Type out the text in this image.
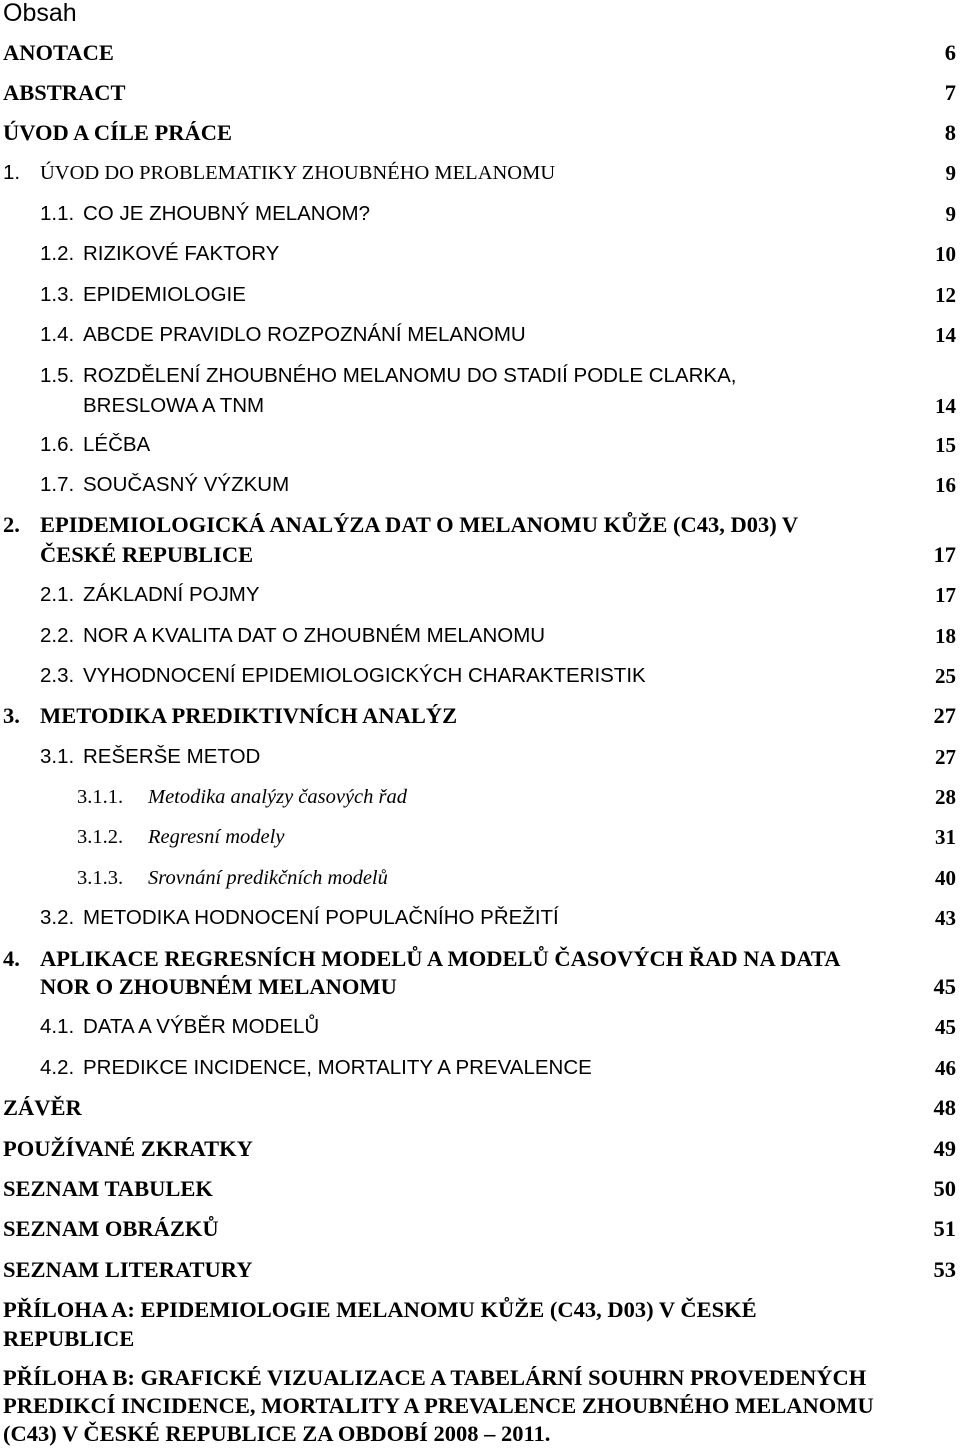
Obsah
ANOTACE	6
ABSTRACT	7
ÚVOD A CÍLE PRÁCE	8
1. ÚVOD DO PROBLEMATIKY ZHOUBNÉHO MELANOMU	9
1.1. CO JE ZHOUBNÝ MELANOM?	9
1.2. RIZIKOVÉ FAKTORY	10
1.3. EPIDEMIOLOGIE	12
1.4. ABCDE PRAVIDLO ROZPOZNÁNÍ MELANOMU	14
1.5. ROZDĚLENÍ ZHOUBNÉHO MELANOMU DO STADIÍ PODLE CLARKA,
BRESLOWA A TNM	14
1.6. LÉČBA	15
1.7. SOUČASNÝ VÝZKUM	16
2. EPIDEMIOLOGICKÁ ANALÝZA DAT O MELANOMU KŮŽE (C43, D03) V
ČESKÉ REPUBLICE	17
2.1. ZÁKLADNÍ POJMY	17
2.2. NOR A KVALITA DAT O ZHOUBNÉM MELANOMU	18
2.3. VYHODNOCENÍ EPIDEMIOLOGICKÝCH CHARAKTERISTIK	25
3. METODIKA PREDIKTIVNÍCH ANALÝZ	27
3.1. REŠERŠE METOD	27
3.1.1. Metodika analýzy časových řad	28
3.1.2. Regresní modely	31
3.1.3. Srovnání predikčních modelů	40
3.2. METODIKA HODNOCENÍ POPULAČNÍHO PŘEŽITÍ	43
4. APLIKACE REGRESNÍCH MODELŮ A MODELŮ ČASOVÝCH ŘAD NA DATA
NOR O ZHOUBNÉM MELANOMU	45
4.1. DATA A VÝBĚR MODELŮ	45
4.2. PREDIKCE INCIDENCE, MORTALITY A PREVALENCE	46
ZÁVĚR	48
POUŽÍVANÉ ZKRATKY	49
SEZNAM TABULEK	50
SEZNAM OBRÁZKŮ	51
SEZNAM LITERATURY	53
PŘÍLOHA A: EPIDEMIOLOGIE MELANOMU KŮŽE (C43, D03) V ČESKÉ
REPUBLICE
PŘÍLOHA B: GRAFICKÉ VIZUALIZACE A TABELÁRNÍ SOUHRN PROVEDENÝCH
PREDIKCÍ INCIDENCE, MORTALITY A PREVALENCE ZHOUBNÉHO MELANOMU
(C43) V ČESKÉ REPUBLICE ZA OBDOBÍ 2008 – 2011.
